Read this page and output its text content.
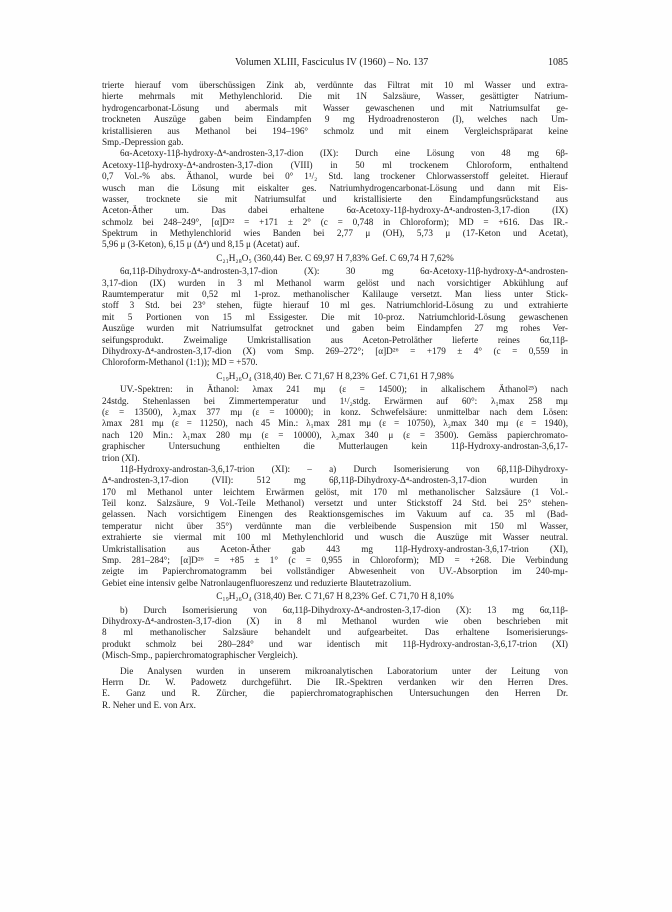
Volumen XLIII, Fasciculus IV (1960) – No. 137	1085
trierte hierauf vom überschüssigen Zink ab, verdünnte das Filtrat mit 10 ml Wasser und extra-
hierte mehrmals mit Methylenchlorid. Die mit 1N Salzsäure, Wasser, gesättigter Natrium-
hydrogencarbonat-Lösung und abermals mit Wasser gewaschenen und mit Natriumsulfat ge-
trockneten Auszüge gaben beim Eindampfen 9 mg Hydroadrenosteron (I), welches nach Um-
kristallisieren aus Methanol bei 194–196° schmolz und mit einem Vergleichspräparat keine
Smp.-Depression gab.
6α-Acetoxy-11β-hydroxy-Δ⁴-androsten-3,17-dion (IX): Durch eine Lösung von 48 mg 6β-
Acetoxy-11β-hydroxy-Δ⁴-androsten-3,17-dion (VIII) in 50 ml trockenem Chloroform, enthaltend
0,7 Vol.-% abs. Äthanol, wurde bei 0° 1¹/₂ Std. lang trockener Chlorwasserstoff geleitet. Hierauf
wusch man die Lösung mit eiskalter ges. Natriumhydrogencarbonat-Lösung und dann mit Eis-
wasser, trocknete sie mit Natriumsulfat und kristallisierte den Eindampfungsrückstand aus
Aceton-Äther um. Das dabei erhaltene 6α-Acetoxy-11β-hydroxy-Δ⁴-androsten-3,17-dion (IX)
schmolz bei 248–249°, [α]D²² = +171 ± 2° (c = 0,748 in Chloroform); MD = +616. Das IR.-
Spektrum in Methylenchlorid wies Banden bei 2,77 μ (OH), 5,73 μ (17-Keton und Acetat),
5,96 μ (3-Keton), 6,15 μ (Δ⁴) und 8,15 μ (Acetat) auf.
C₂₁H₂₈O₅ (360,44) Ber. C 69,97 H 7,83% Gef. C 69,74 H 7,62%
6α,11β-Dihydroxy-Δ⁴-androsten-3,17-dion (X): 30 mg 6α-Acetoxy-11β-hydroxy-Δ⁴-androsten-
3,17-dion (IX) wurden in 3 ml Methanol warm gelöst und nach vorsichtiger Abkühlung auf
Raumtemperatur mit 0,52 ml 1-proz. methanolischer Kalilauge versetzt. Man liess unter Stick-
stoff 3 Std. bei 23° stehen, fügte hierauf 10 ml ges. Natriumchlorid-Lösung zu und extrahierte
mit 5 Portionen von 15 ml Essigester. Die mit 10-proz. Natriumchlorid-Lösung gewaschenen
Auszüge wurden mit Natriumsulfat getrocknet und gaben beim Eindampfen 27 mg rohes Ver-
seifungsprodukt. Zweimalige Umkristallisation aus Aceton-Petroläther lieferte reines 6α,11β-
Dihydroxy-Δ⁴-androsten-3,17-dion (X) vom Smp. 269–272°; [α]D²⁶ = +179 ± 4° (c = 0,559 in
Chloroform-Methanol (1:1)); MD = +570.
C₁₉H₂₆O₄ (318,40) Ber. C 71,67 H 8,23% Gef. C 71,61 H 7,98%
UV.-Spektren: in Äthanol: λmax 241 mμ (ε = 14500); in alkalischem Äthanol²⁵) nach
24stdg. Stehenlassen bei Zimmertemperatur und 1¹/₂stdg. Erwärmen auf 60°: λ₁max 258 mμ
(ε = 13500), λ₂max 377 mμ (ε = 10000); in konz. Schwefelsäure: unmittelbar nach dem Lösen:
λmax 281 mμ (ε = 11250), nach 45 Min.: λ₁max 281 mμ (ε = 10750), λ₂max 340 mμ (ε = 1940),
nach 120 Min.: λ₁max 280 mμ (ε = 10000), λ₂max 340 μ (ε = 3500). Gemäss papierchromato-
graphischer Untersuchung enthielten die Mutterlaugen kein 11β-Hydroxy-androstan-3,6,17-
trion (XI).
11β-Hydroxy-androstan-3,6,17-trion (XI): – a) Durch Isomerisierung von 6β,11β-Dihydroxy-
Δ⁴-androsten-3,17-dion (VII): 512 mg 6β,11β-Dihydroxy-Δ⁴-androsten-3,17-dion wurden in
170 ml Methanol unter leichtem Erwärmen gelöst, mit 170 ml methanolischer Salzsäure (1 Vol.-
Teil konz. Salzsäure, 9 Vol.-Teile Methanol) versetzt und unter Stickstoff 24 Std. bei 25° stehen-
gelassen. Nach vorsichtigem Einengen des Reaktionsgemisches im Vakuum auf ca. 35 ml (Bad-
temperatur nicht über 35°) verdünnte man die verbleibende Suspension mit 150 ml Wasser,
extrahierte sie viermal mit 100 ml Methylenchlorid und wusch die Auszüge mit Wasser neutral.
Umkristallisation aus Aceton-Äther gab 443 mg 11β-Hydroxy-androstan-3,6,17-trion (XI),
Smp. 281–284°; [α]D²⁶ = +85 ± 1° (c = 0,955 in Chloroform); MD = +268. Die Verbindung
zeigte im Papierchromatogramm bei vollständiger Abwesenheit von UV.-Absorption im 240-mμ-
Gebiet eine intensiv gelbe Natronlaugenfluoreszenz und reduzierte Blautetrazolium.
C₁₉H₂₆O₄ (318,40) Ber. C 71,67 H 8,23% Gef. C 71,70 H 8,10%
b) Durch Isomerisierung von 6α,11β-Dihydroxy-Δ⁴-androsten-3,17-dion (X): 13 mg 6α,11β-
Dihydroxy-Δ⁴-androsten-3,17-dion (X) in 8 ml Methanol wurden wie oben beschrieben mit
8 ml methanolischer Salzsäure behandelt und aufgearbeitet. Das erhaltene Isomerisierungs-
produkt schmolz bei 280–284° und war identisch mit 11β-Hydroxy-androstan-3,6,17-trion (XI)
(Misch-Smp., papierchromatographischer Vergleich).
Die Analysen wurden in unserem mikroanalytischen Laboratorium unter der Leitung von
Herrn Dr. W. Padowetz durchgeführt. Die IR.-Spektren verdanken wir den Herren Dres.
E. Ganz und R. Zürcher, die papierchromatographischen Untersuchungen den Herren Dr.
R. Neher und E. von Arx.
